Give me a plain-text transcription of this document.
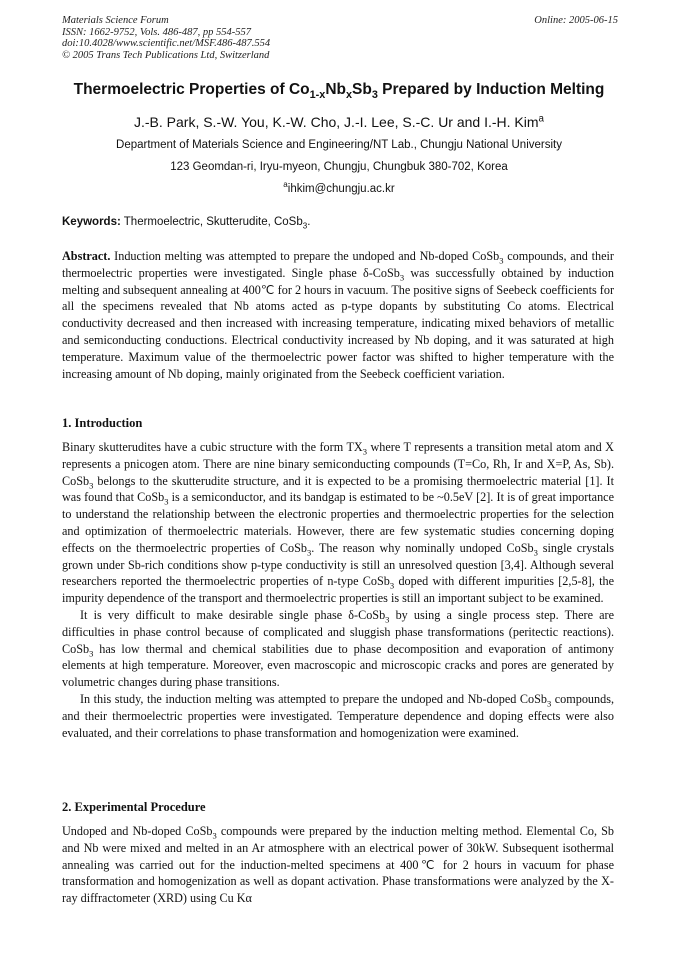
Materials Science Forum
ISSN: 1662-9752, Vols. 486-487, pp 554-557
doi:10.4028/www.scientific.net/MSF.486-487.554
© 2005 Trans Tech Publications Ltd, Switzerland
Online: 2005-06-15
Thermoelectric Properties of $Co_{1-x}Nb_xSb_3$ Prepared by Induction Melting
J.-B. Park, S.-W. You, K.-W. Cho, J.-I. Lee, S.-C. Ur and I.-H. Kim$^a$
Department of Materials Science and Engineering/NT Lab., Chungju National University
123 Geomdan-ri, Iryu-myeon, Chungju, Chungbuk 380-702, Korea
$^a$ihkim@chungju.ac.kr
Keywords: Thermoelectric, Skutterudite, CoSb$_3$.

Abstract. Induction melting was attempted to prepare the undoped and Nb-doped CoSb$_3$ compounds, and their thermoelectric properties were investigated. Single phase δ-CoSb$_3$ was successfully obtained by induction melting and subsequent annealing at 400℃ for 2 hours in vacuum. The positive signs of Seebeck coefficients for all the specimens revealed that Nb atoms acted as p-type dopants by substituting Co atoms. Electrical conductivity decreased and then increased with increasing temperature, indicating mixed behaviors of metallic and semiconducting conductions. Electrical conductivity increased by Nb doping, and it was saturated at high temperature. Maximum value of the thermoelectric power factor was shifted to higher temperature with the increasing amount of Nb doping, mainly originated from the Seebeck coefficient variation.

1. Introduction

Binary skutterudites have a cubic structure with the form $TX_3$ where T represents a transition metal atom and X represents a pnicogen atom. There are nine binary semiconducting compounds (T=Co, Rh, Ir and X=P, As, Sb). CoSb$_3$ belongs to the skutterudite structure, and it is expected to be a promising thermoelectric material [1]. It was found that CoSb$_3$ is a semiconductor, and its bandgap is estimated to be ~0.5eV [2]. It is of great importance to understand the relationship between the electronic properties and thermoelectric properties for the selection and optimization of thermoelectric materials. However, there are few systematic studies concerning doping effects on the thermoelectric properties of CoSb$_3$. The reason why nominally undoped CoSb$_3$ single crystals grown under Sb-rich conditions show p-type conductivity is still an unresolved question [3,4]. Although several researchers reported the thermoelectric properties of n-type CoSb$_3$ doped with different impurities [2,5-8], the impurity dependence of the transport and thermoelectric properties is still an important subject to be examined.

It is very difficult to make desirable single phase δ-CoSb$_3$ by using a single process step. There are difficulties in phase control because of complicated and sluggish phase transformations (peritectic reactions). CoSb$_3$ has low thermal and chemical stabilities due to phase decomposition and evaporation of antimony elements at high temperature. Moreover, even macroscopic and microscopic cracks and pores are generated by volumetric changes during phase transitions.

In this study, the induction melting was attempted to prepare the undoped and Nb-doped CoSb$_3$ compounds, and their thermoelectric properties were investigated. Temperature dependence and doping effects were also evaluated, and their correlations to phase transformation and homogenization were examined.

2. Experimental Procedure

Undoped and Nb-doped CoSb$_3$ compounds were prepared by the induction melting method. Elemental Co, Sb and Nb were mixed and melted in an Ar atmosphere with an electrical power of 30kW. Subsequent isothermal annealing was carried out for the induction-melted specimens at 400℃ for 2 hours in vacuum for phase transformation and homogenization as well as dopant activation. Phase transformations were analyzed by the X-ray diffractometer (XRD) using Cu Kα
